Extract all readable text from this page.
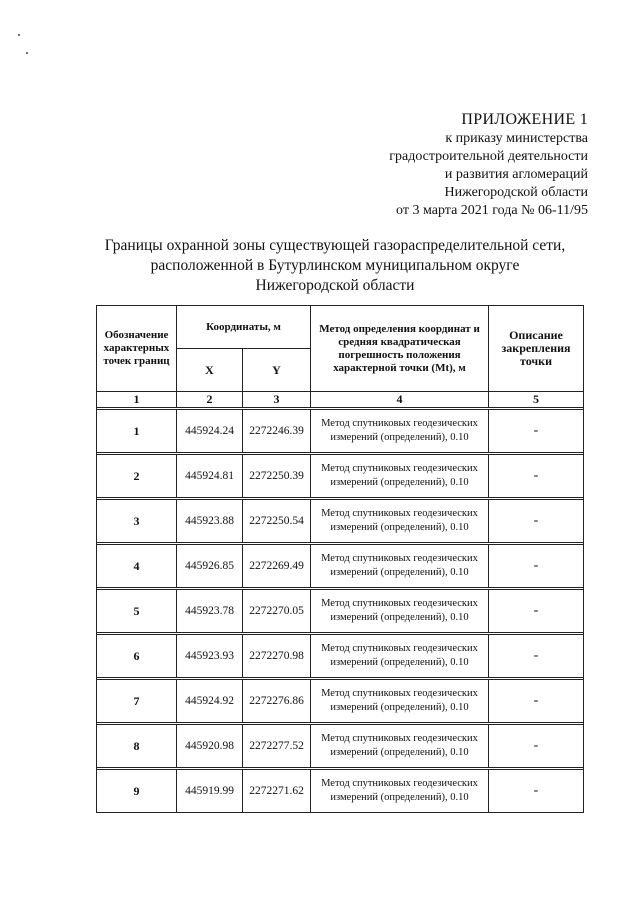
ПРИЛОЖЕНИЕ 1
к приказу министерства
градостроительной деятельности
и развития агломераций
Нижегородской области
от 3 марта 2021 года № 06-11/95
Границы охранной зоны существующей газораспределительной сети,
расположенной в Бутурлинском муниципальном округе
Нижегородской области
Обозначение характерных точек границ	Координаты, м		Метод определения координат и средняя квадратическая погрешность положения характерной точки (Mt), м	Описание закрепления точки
	X	Y		
1	2	3	4	5

1	445924.24	2272246.39	Метод спутниковых геодезических измерений (определений), 0.10	-

2	445924.81	2272250.39	Метод спутниковых геодезических измерений (определений), 0.10	-

3	445923.88	2272250.54	Метод спутниковых геодезических измерений (определений), 0.10	-

4	445926.85	2272269.49	Метод спутниковых геодезических измерений (определений), 0.10	-

5	445923.78	2272270.05	Метод спутниковых геодезических измерений (определений), 0.10	-

6	445923.93	2272270.98	Метод спутниковых геодезических измерений (определений), 0.10	-

7	445924.92	2272276.86	Метод спутниковых геодезических измерений (определений), 0.10	-

8	445920.98	2272277.52	Метод спутниковых геодезических измерений (определений), 0.10	-

9	445919.99	2272271.62	Метод спутниковых геодезических измерений (определений), 0.10	-
